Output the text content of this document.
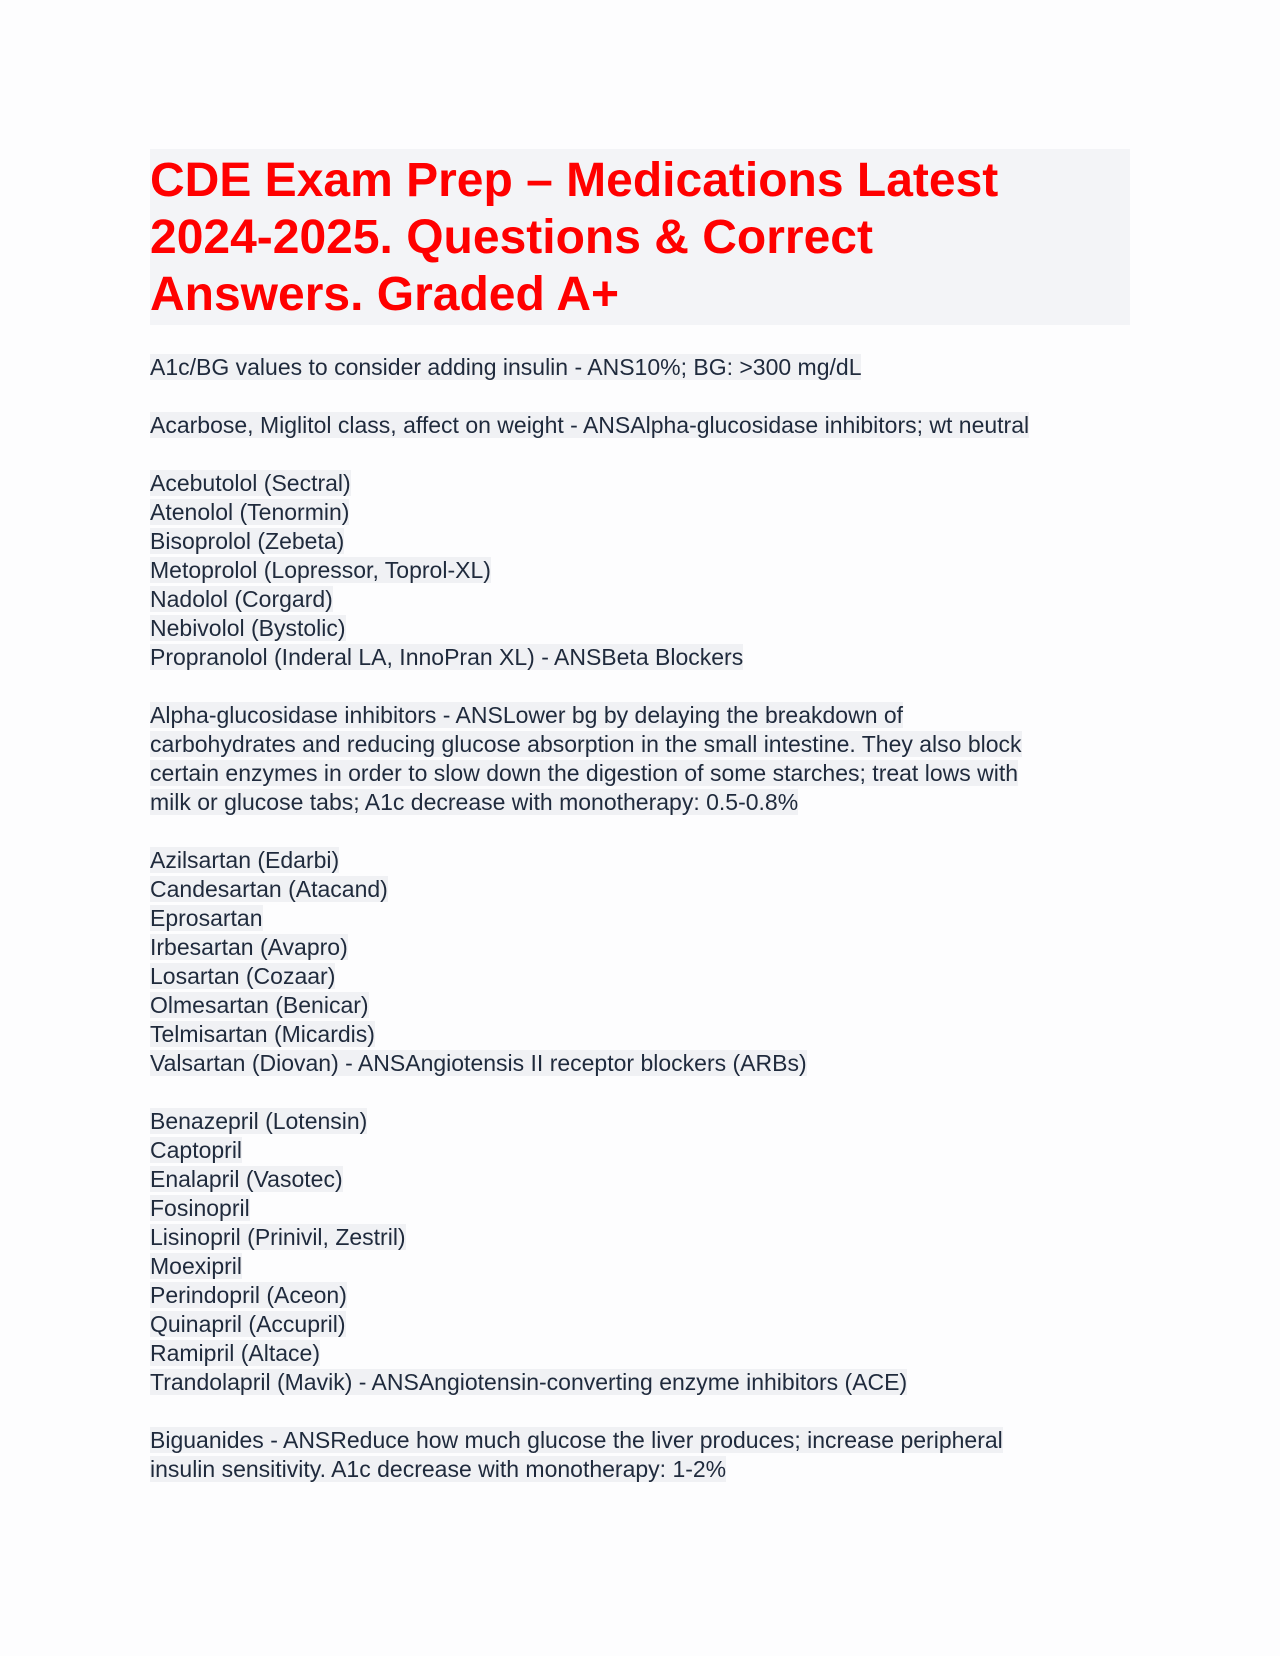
CDE Exam Prep – Medications Latest
2024-2025. Questions & Correct
Answers. Graded A+
A1c/BG values to consider adding insulin - ANS10%; BG: >300 mg/dL
Acarbose, Miglitol class, affect on weight - ANSAlpha-glucosidase inhibitors; wt neutral
Acebutolol (Sectral)
Atenolol (Tenormin)
Bisoprolol (Zebeta)
Metoprolol (Lopressor, Toprol-XL)
Nadolol (Corgard)
Nebivolol (Bystolic)
Propranolol (Inderal LA, InnoPran XL) - ANSBeta Blockers
Alpha-glucosidase inhibitors - ANSLower bg by delaying the breakdown of
carbohydrates and reducing glucose absorption in the small intestine. They also block
certain enzymes in order to slow down the digestion of some starches; treat lows with
milk or glucose tabs; A1c decrease with monotherapy: 0.5-0.8%
Azilsartan (Edarbi)
Candesartan (Atacand)
Eprosartan
Irbesartan (Avapro)
Losartan (Cozaar)
Olmesartan (Benicar)
Telmisartan (Micardis)
Valsartan (Diovan) - ANSAngiotensis II receptor blockers (ARBs)
Benazepril (Lotensin)
Captopril
Enalapril (Vasotec)
Fosinopril
Lisinopril (Prinivil, Zestril)
Moexipril
Perindopril (Aceon)
Quinapril (Accupril)
Ramipril (Altace)
Trandolapril (Mavik) - ANSAngiotensin-converting enzyme inhibitors (ACE)
Biguanides - ANSReduce how much glucose the liver produces; increase peripheral
insulin sensitivity. A1c decrease with monotherapy: 1-2%
